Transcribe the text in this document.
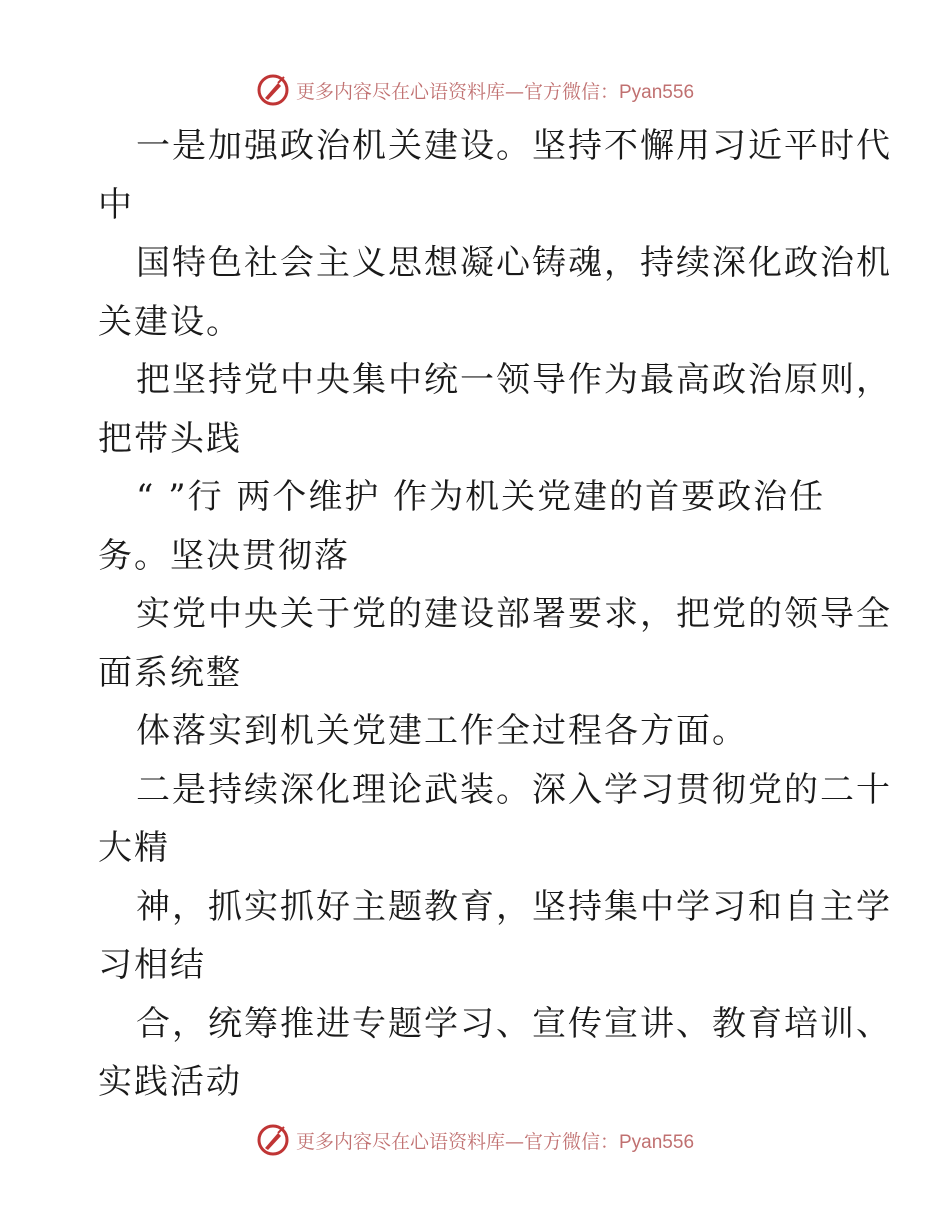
更多内容尽在心语资料库—官方微信：Pyan556
一是加强政治机关建设。坚持不懈用习近平时代
中
国特色社会主义思想凝心铸魂，持续深化政治机
关建设。
把坚持党中央集中统一领导作为最高政治原则，
把带头践
“ ”行 两个维护 作为机关党建的首要政治任
务。坚决贯彻落
实党中央关于党的建设部署要求，把党的领导全
面系统整
体落实到机关党建工作全过程各方面。
二是持续深化理论武装。深入学习贯彻党的二十
大精
神，抓实抓好主题教育，坚持集中学习和自主学
习相结
合，统筹推进专题学习、宣传宣讲、教育培训、
实践活动
更多内容尽在心语资料库—官方微信：Pyan556
